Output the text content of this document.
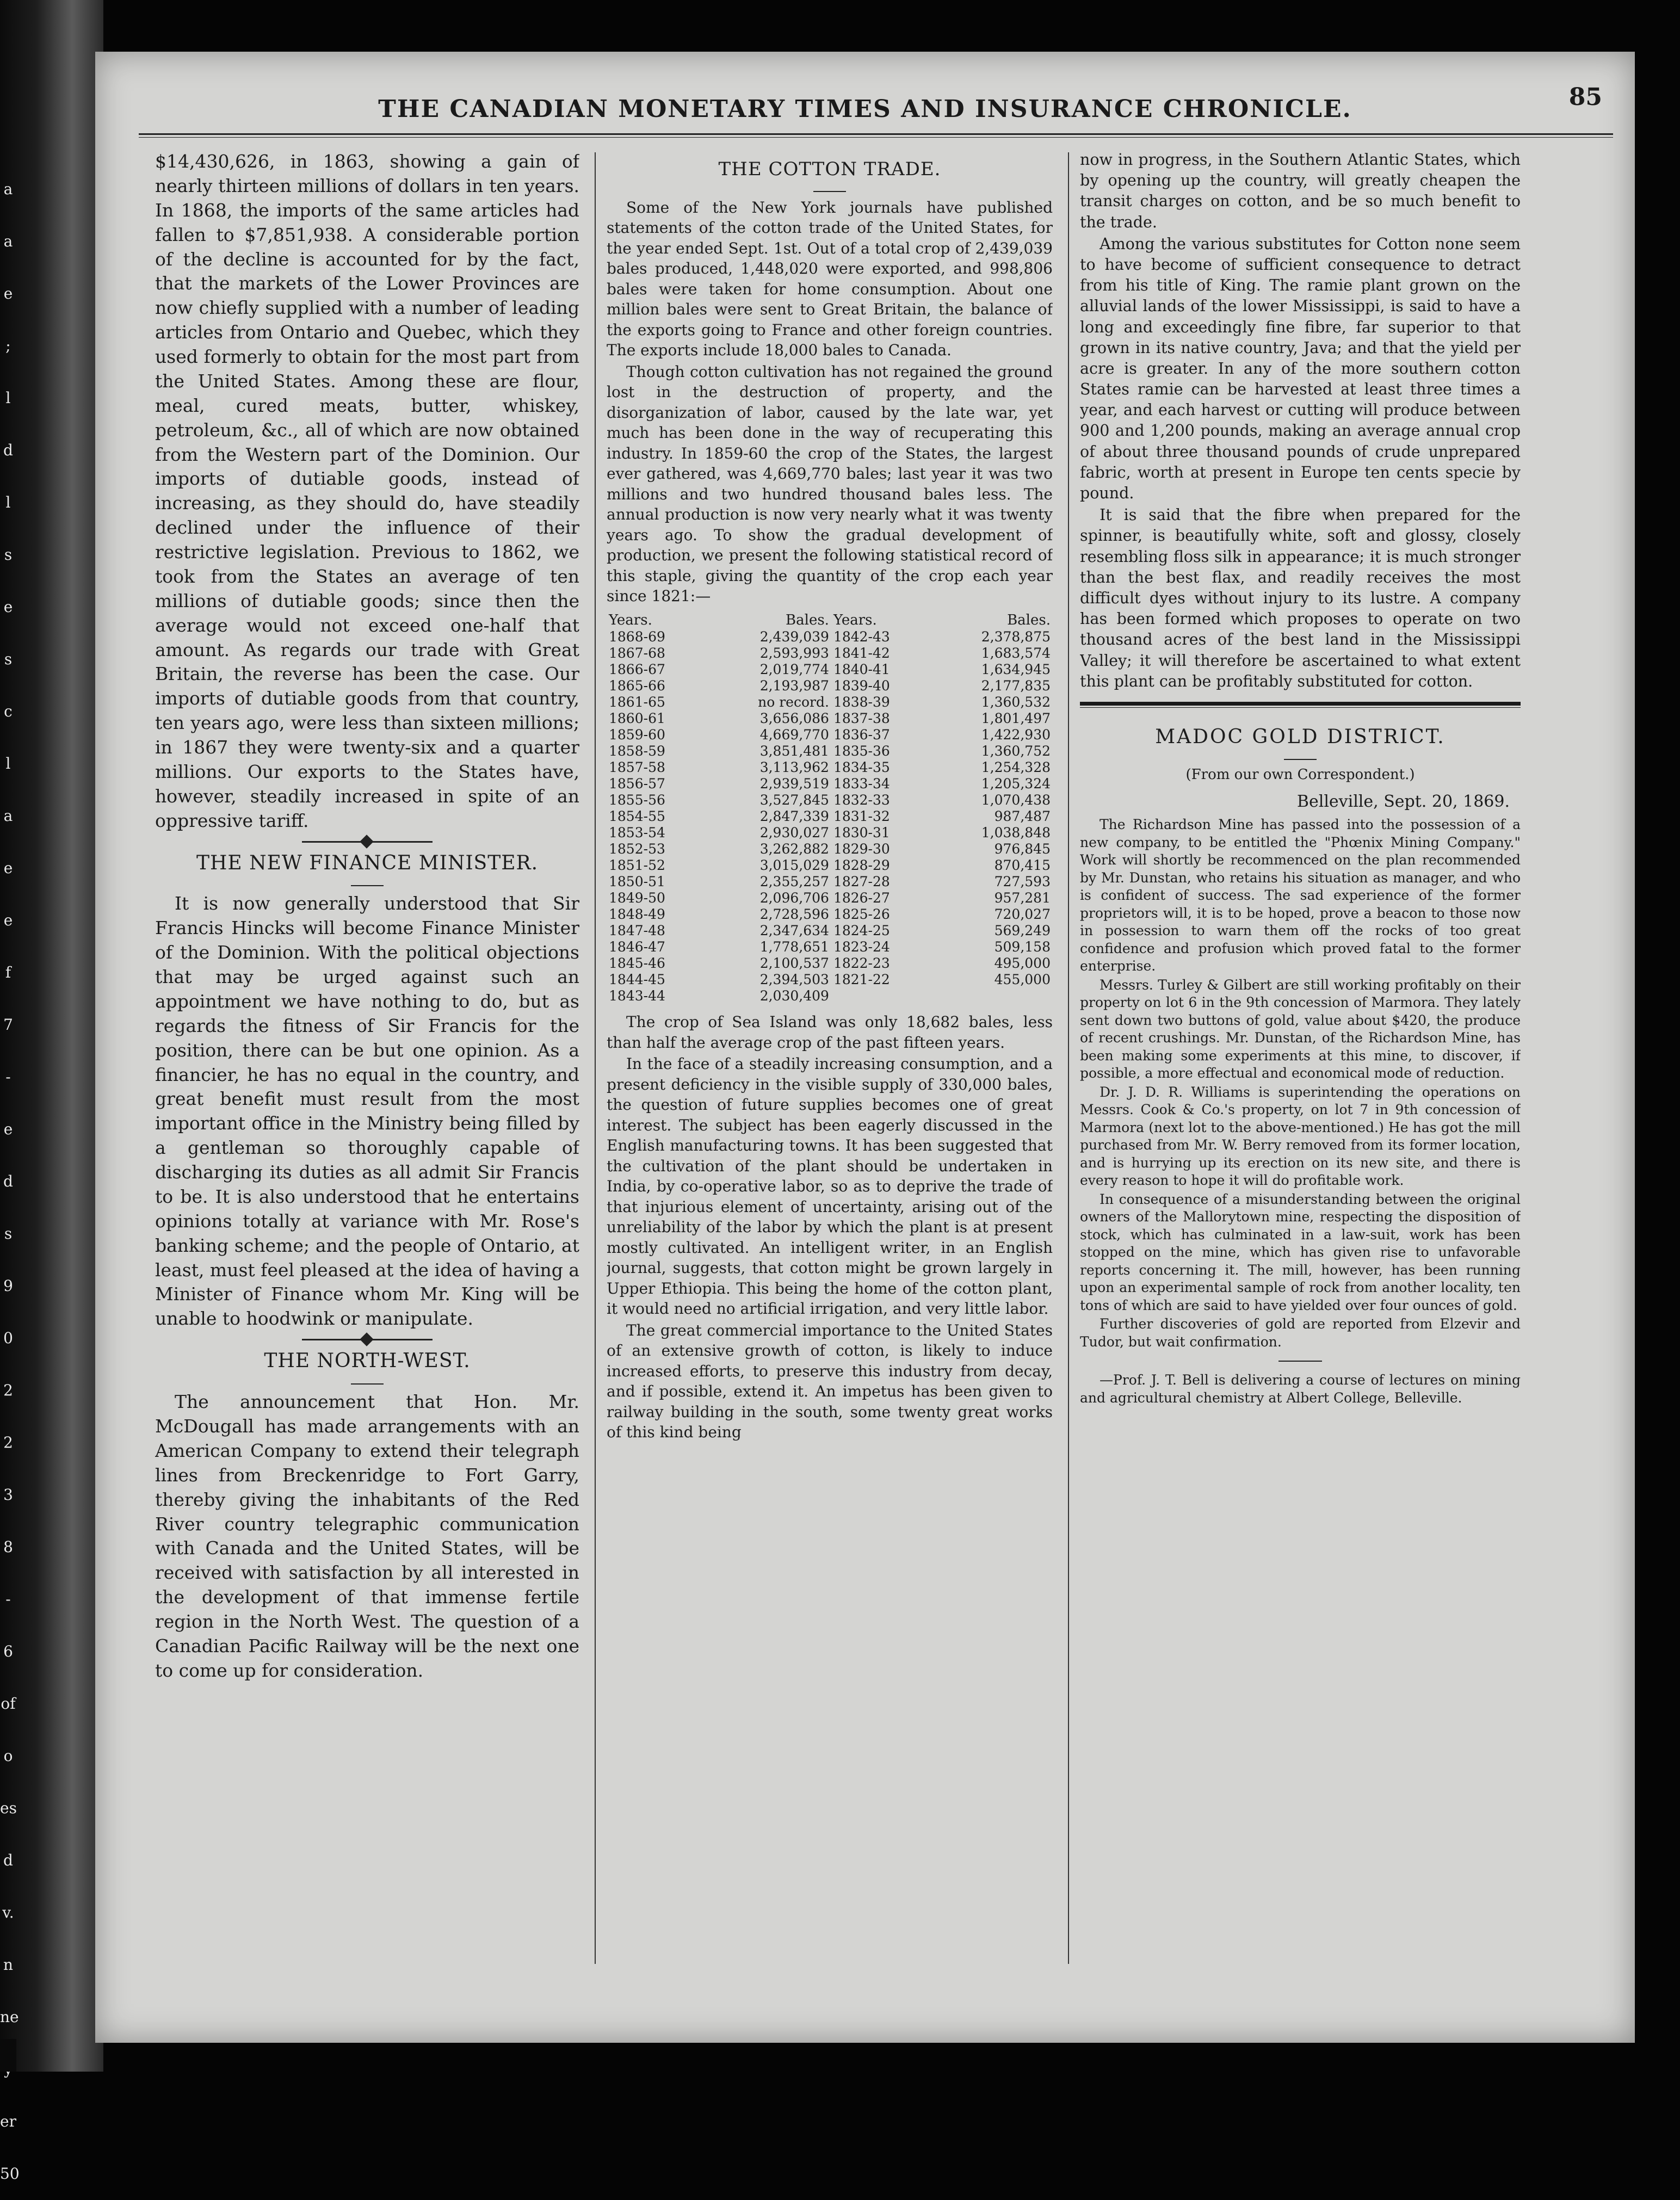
a
a
e
;
l
d
l
s
e
s
c
l
a
e
e
f
7
-
e
d
s
9
0
2
2
3
8
-
6
of
o
es
d
v.
n
ne
er
50
THE CANADIAN MONETARY TIMES AND INSURANCE CHRONICLE.	85

$14,430,626, in 1863, showing a gain of nearly thirteen millions of dollars in ten years. In 1868, the imports of the same articles had fallen to $7,851,938. A considerable portion of the decline is accounted for by the fact, that the markets of the Lower Provinces are now chiefly supplied with a number of leading articles from Ontario and Quebec, which they used formerly to obtain for the most part from the United States. Among these are flour, meal, cured meats, butter, whiskey, petroleum, &c., all of which are now obtained from the Western part of the Dominion. Our imports of dutiable goods, instead of increasing, as they should do, have steadily declined under the influence of their restrictive legislation. Previous to 1862, we took from the States an average of ten millions of dutiable goods; since then the average would not exceed one-half that amount. As regards our trade with Great Britain, the reverse has been the case. Our imports of dutiable goods from that country, ten years ago, were less than sixteen millions; in 1867 they were twenty-six and a quarter millions. Our exports to the States have, however, steadily increased in spite of an oppressive tariff.

THE NEW FINANCE MINISTER.

It is now generally understood that Sir Francis Hincks will become Finance Minister of the Dominion. With the political objections that may be urged against such an appointment we have nothing to do, but as regards the fitness of Sir Francis for the position, there can be but one opinion. As a financier, he has no equal in the country, and great benefit must result from the most important office in the Ministry being filled by a gentleman so thoroughly capable of discharging its duties as all admit Sir Francis to be. It is also understood that he entertains opinions totally at variance with Mr. Rose's banking scheme; and the people of Ontario, at least, must feel pleased at the idea of having a Minister of Finance whom Mr. King will be unable to hoodwink or manipulate.

THE NORTH-WEST.

The announcement that Hon. Mr. McDougall has made arrangements with an American Company to extend their telegraph lines from Breckenridge to Fort Garry, thereby giving the inhabitants of the Red River country telegraphic communication with Canada and the United States, will be received with satisfaction by all interested in the development of that immense fertile region in the North West. The question of a Canadian Pacific Railway will be the next one to come up for consideration.

THE COTTON TRADE.

Some of the New York journals have published statements of the cotton trade of the United States, for the year ended Sept. 1st. Out of a total crop of 2,439,039 bales produced, 1,448,020 were exported, and 998,806 bales were taken for home consumption. About one million bales were sent to Great Britain, the balance of the exports going to France and other foreign countries. The exports include 18,000 bales to Canada.

Though cotton cultivation has not regained the ground lost in the destruction of property, and the disorganization of labor, caused by the late war, yet much has been done in the way of recuperating this industry. In 1859-60 the crop of the States, the largest ever gathered, was 4,669,770 bales; last year it was two millions and two hundred thousand bales less. The annual production is now very nearly what it was twenty years ago. To show the gradual development of production, we present the following statistical record of this staple, giving the quantity of the crop each year since 1821:—

Years.	Bales.	Years.	Bales.
1868-69	2,439,039	1842-43	2,378,875
1867-68	2,593,993	1841-42	1,683,574
1866-67	2,019,774	1840-41	1,634,945
1865-66	2,193,987	1839-40	2,177,835
1861-65	no record.	1838-39	1,360,532
1860-61	3,656,086	1837-38	1,801,497
1859-60	4,669,770	1836-37	1,422,930
1858-59	3,851,481	1835-36	1,360,752
1857-58	3,113,962	1834-35	1,254,328
1856-57	2,939,519	1833-34	1,205,324
1855-56	3,527,845	1832-33	1,070,438
1854-55	2,847,339	1831-32	987,487
1853-54	2,930,027	1830-31	1,038,848
1852-53	3,262,882	1829-30	976,845
1851-52	3,015,029	1828-29	870,415
1850-51	2,355,257	1827-28	727,593
1849-50	2,096,706	1826-27	957,281
1848-49	2,728,596	1825-26	720,027
1847-48	2,347,634	1824-25	569,249
1846-47	1,778,651	1823-24	509,158
1845-46	2,100,537	1822-23	495,000
1844-45	2,394,503	1821-22	455,000
1843-44	2,030,409		

The crop of Sea Island was only 18,682 bales, less than half the average crop of the past fifteen years.

In the face of a steadily increasing consumption, and a present deficiency in the visible supply of 330,000 bales, the question of future supplies becomes one of great interest. The subject has been eagerly discussed in the English manufacturing towns. It has been suggested that the cultivation of the plant should be undertaken in India, by co-operative labor, so as to deprive the trade of that injurious element of uncertainty, arising out of the unreliability of the labor by which the plant is at present mostly cultivated. An intelligent writer, in an English journal, suggests, that cotton might be grown largely in Upper Ethiopia. This being the home of the cotton plant, it would need no artificial irrigation, and very little labor.

The great commercial importance to the United States of an extensive growth of cotton, is likely to induce increased efforts, to preserve this industry from decay, and if possible, extend it. An impetus has been given to railway building in the south, some twenty great works of this kind being

now in progress, in the Southern Atlantic States, which by opening up the country, will greatly cheapen the transit charges on cotton, and be so much benefit to the trade.

Among the various substitutes for Cotton none seem to have become of sufficient consequence to detract from his title of King. The ramie plant grown on the alluvial lands of the lower Mississippi, is said to have a long and exceedingly fine fibre, far superior to that grown in its native country, Java; and that the yield per acre is greater. In any of the more southern cotton States ramie can be harvested at least three times a year, and each harvest or cutting will produce between 900 and 1,200 pounds, making an average annual crop of about three thousand pounds of crude unprepared fabric, worth at present in Europe ten cents specie by pound.

It is said that the fibre when prepared for the spinner, is beautifully white, soft and glossy, closely resembling floss silk in appearance; it is much stronger than the best flax, and readily receives the most difficult dyes without injury to its lustre. A company has been formed which proposes to operate on two thousand acres of the best land in the Mississippi Valley; it will therefore be ascertained to what extent this plant can be profitably substituted for cotton.

MADOC GOLD DISTRICT.
(From our own Correspondent.)
Belleville, Sept. 20, 1869.

The Richardson Mine has passed into the possession of a new company, to be entitled the "Phœnix Mining Company." Work will shortly be recommenced on the plan recommended by Mr. Dunstan, who retains his situation as manager, and who is confident of success. The sad experience of the former proprietors will, it is to be hoped, prove a beacon to those now in possession to warn them off the rocks of too great confidence and profusion which proved fatal to the former enterprise.

Messrs. Turley & Gilbert are still working profitably on their property on lot 6 in the 9th concession of Marmora. They lately sent down two buttons of gold, value about $420, the produce of recent crushings. Mr. Dunstan, of the Richardson Mine, has been making some experiments at this mine, to discover, if possible, a more effectual and economical mode of reduction.

Dr. J. D. R. Williams is superintending the operations on Messrs. Cook & Co.'s property, on lot 7 in 9th concession of Marmora (next lot to the above-mentioned.) He has got the mill purchased from Mr. W. Berry removed from its former location, and is hurrying up its erection on its new site, and there is every reason to hope it will do profitable work.

In consequence of a misunderstanding between the original owners of the Mallorytown mine, respecting the disposition of stock, which has culminated in a law-suit, work has been stopped on the mine, which has given rise to unfavorable reports concerning it. The mill, however, has been running upon an experimental sample of rock from another locality, ten tons of which are said to have yielded over four ounces of gold.

Further discoveries of gold are reported from Elzevir and Tudor, but wait confirmation.

—Prof. J. T. Bell is delivering a course of lectures on mining and agricultural chemistry at Albert College, Belleville.
